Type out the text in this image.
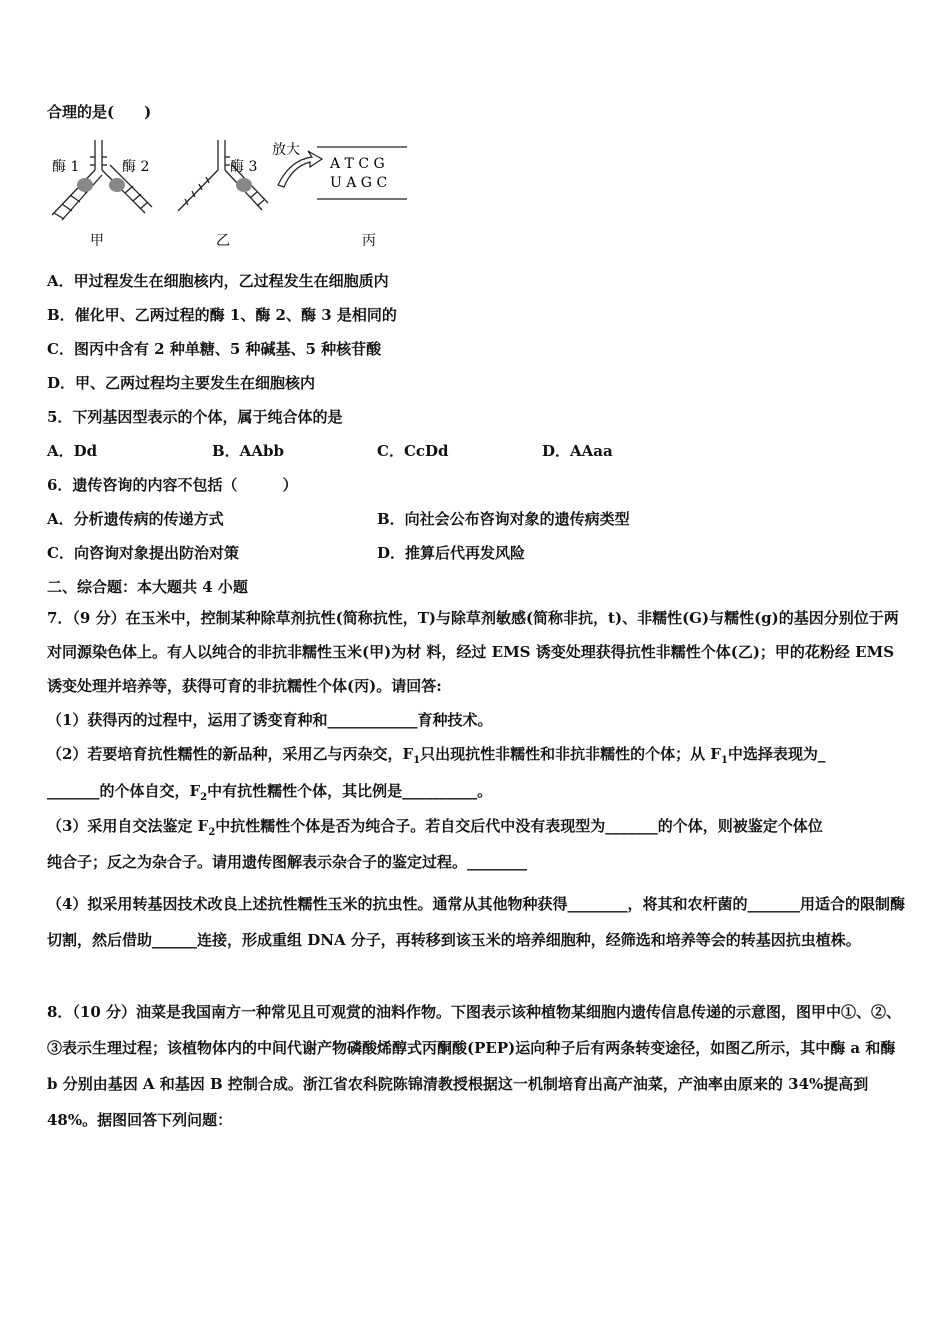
合理的是(　　)
酶 1	酶 2	酶 3
放大
A T C G
U A G C
甲	乙	丙
A．甲过程发生在细胞核内，乙过程发生在细胞质内
B．催化甲、乙两过程的酶 1、酶 2、酶 3 是相同的
C．图丙中含有 2 种单糖、5 种碱基、5 种核苷酸
D．甲、乙两过程均主要发生在细胞核内
5．下列基因型表示的个体，属于纯合体的是
A．Dd	B．AAbb	C．CcDd	D．AAaa
6．遗传咨询的内容不包括（　　　）
A．分析遗传病的传递方式	B．向社会公布咨询对象的遗传病类型
C．向咨询对象提出防治对策	D．推算后代再发风险
二、综合题：本大题共 4 小题
7．（9 分）在玉米中，控制某种除草剂抗性(简称抗性，T)与除草剂敏感(简称非抗，t)、非糯性(G)与糯性(g)的基因分别位于两对同源染色体上。有人以纯合的非抗非糯性玉米(甲)为材 料，经过 EMS 诱变处理获得抗性非糯性个体(乙)；甲的花粉经 EMS 诱变处理并培养等，获得可育的非抗糯性个体(丙)。请回答:
（1）获得丙的过程中，运用了诱变育种和____________育种技术。
（2）若要培育抗性糯性的新品种，采用乙与丙杂交，$F_1$只出现抗性非糯性和非抗非糯性的个体；从 $F_1$中选择表现为_
_______的个体自交，$F_2$中有抗性糯性个体，其比例是__________。
（3）采用自交法鉴定 $F_2$中抗性糯性个体是否为纯合子。若自交后代中没有表现型为_______的个体，则被鉴定个体位
纯合子；反之为杂合子。请用遗传图解表示杂合子的鉴定过程。________
（4）拟采用转基因技术改良上述抗性糯性玉米的抗虫性。通常从其他物种获得________，将其和农杆菌的_______用适合的限制酶切割，然后借助______连接，形成重组 DNA 分子，再转移到该玉米的培养细胞种，经筛选和培养等会的转基因抗虫植株。
8．（10 分）油菜是我国南方一种常见且可观赏的油料作物。下图表示该种植物某细胞内遗传信息传递的示意图，图甲中①、②、③表示生理过程；该植物体内的中间代谢产物磷酸烯醇式丙酮酸(PEP)运向种子后有两条转变途径，如图乙所示，其中酶 a 和酶 b 分别由基因 A 和基因 B 控制合成。浙江省农科院陈锦清教授根据这一机制培育出高产油菜，产油率由原来的 34%提高到 48%。据图回答下列问题：
